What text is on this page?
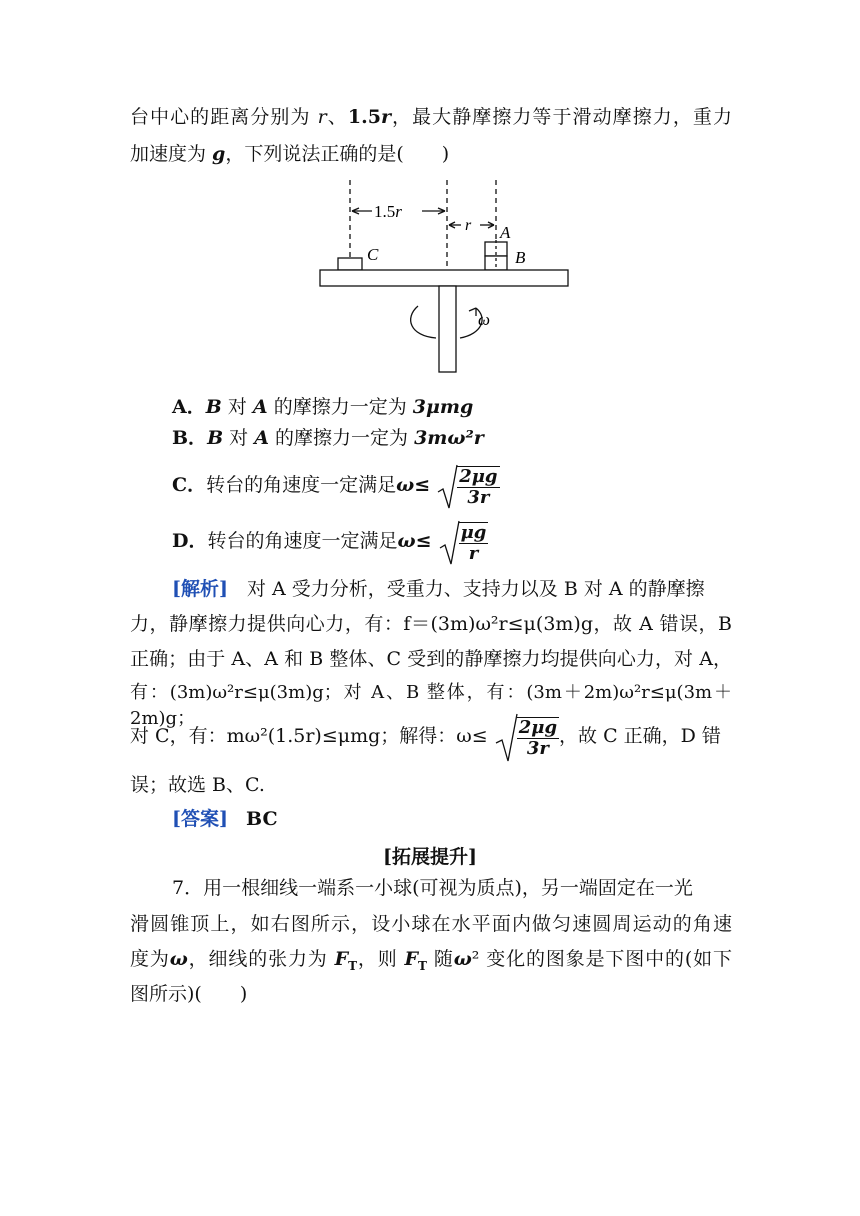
台中心的距离分别为 r、1.5r，最大静摩擦力等于滑动摩擦力，重力
加速度为 g，下列说法正确的是(　　)
1.5r
r A
B
C
ω
A．B 对 A 的摩擦力一定为 3μmg
B．B 对 A 的摩擦力一定为 3mω²r
C．转台的角速度一定满足$\omega\le \frac{2\mu g}{3r}$
D．转台的角速度一定满足$\omega\le \frac{\mu g}{r}$
[解析]　对 A 受力分析，受重力、支持力以及 B 对 A 的静摩擦
力，静摩擦力提供向心力，有：f＝(3m)ω²r≤μ(3m)g，故 A 错误，B
正确；由于 A、A 和 B 整体、C 受到的静摩擦力均提供向心力，对 A，
有：(3m)ω²r≤μ(3m)g；对 A、B 整体，有：(3m＋2m)ω²r≤μ(3m＋2m)g；
对 C，有：mω²(1.5r)≤μmg；解得：$\omega\le \frac{2\mu g}{3r}$ ，故 C 正确，D 错
误；故选 B、C.
[答案] BC
[拓展提升]
7．用一根细线一端系一小球(可视为质点)，另一端固定在一光
滑圆锥顶上，如右图所示，设小球在水平面内做匀速圆周运动的角速
度为ω，细线的张力为 $F_T$，则 $F_T$ 随ω² 变化的图象是下图中的(如下
图所示)(　　)
